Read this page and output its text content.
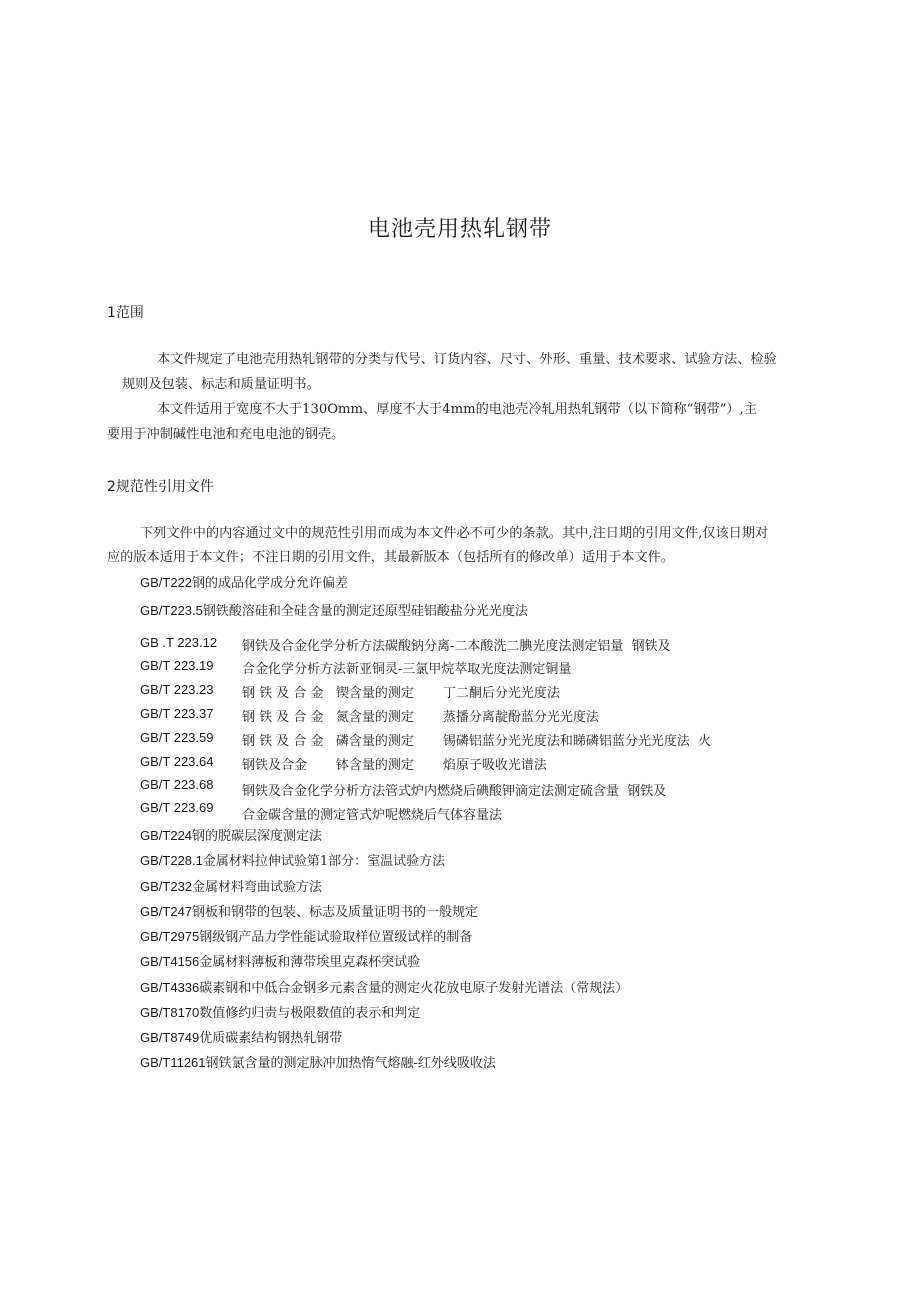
电池壳用热轧钢带
1范围
本文件规定了电池壳用热轧钢带的分类与代号、订货内容、尺寸、外形、重量、技术要求、试验方法、检验
规则及包装、标志和质量证明书。
本文件适用于宽度不大于130Omm、厚度不大于4mm的电池壳冷轧用热轧钢带（以下简称“钢带”）,主
要用于冲制碱性电池和充电电池的钢壳。
2规范性引用文件
下列文件中的内容通过文中的规范性引用而成为本文件必不可少的条款。其中,注日期的引用文件,仅该日期对
应的版本适用于本文件；不注日期的引用文件，其最新版本（包括所有的修改单）适用于本文件。
GB/T222钢的成品化学成分允许偏差
GB/T223.5钢铁酸溶硅和全硅含量的测定还原型硅铝酸盐分光光度法
GB .T 223.12 钢铁及合金化学分析方法碳酸钠分离-二本酸洗二腆光度法测定铝量  钢铁及
GB/T 223.19 合金化学分析方法新亚铜灵-三氯甲烷萃取光度法测定铜量
GB/T 223.23 钢 铁 及 合 金   锲含量的测定       丁二酮后分光光度法
GB/T 223.37 钢 铁 及 合 金   氮含量的测定       蒸播分离靛酚蓝分光光度法
GB/T 223.59 钢 铁 及 合 金   磷含量的测定       锡磷铝蓝分光光度法和睇磷铝蓝分光光度法  火
GB/T 223.64 钢铁及合金       钵含量的测定       焰原子吸收光谱法
GB/T 223.68 钢铁及合金化学分析方法管式炉内燃烧后碘酸钾滴定法测定硫含量  钢铁及
GB/T 223.69
合金碳含量的测定管式炉呢燃烧后气体容量法
GB/T224钢的脱碳层深度测定法
GB/T228.1金属材料拉伸试验第1部分：室温试验方法
GB/T232金属材料弯曲试验方法
GB/T247钢板和钢带的包装、标志及质量证明书的一般规定
GB/T2975钢级钢产品力学性能试验取样位置级试样的制备
GB/T4156金属材料薄板和薄带埃里克森杯突试验
GB/T4336碳素钢和中低合金钢多元素含量的测定火花放电原子发射光谱法（常规法）
GB/T8170数值修约归责与极限数值的表示和判定
GB/T8749优质碳素结构钢热轧钢带
GB/T11261钢铁氯含量的测定脉冲加热惰气熔融-红外线吸收法
